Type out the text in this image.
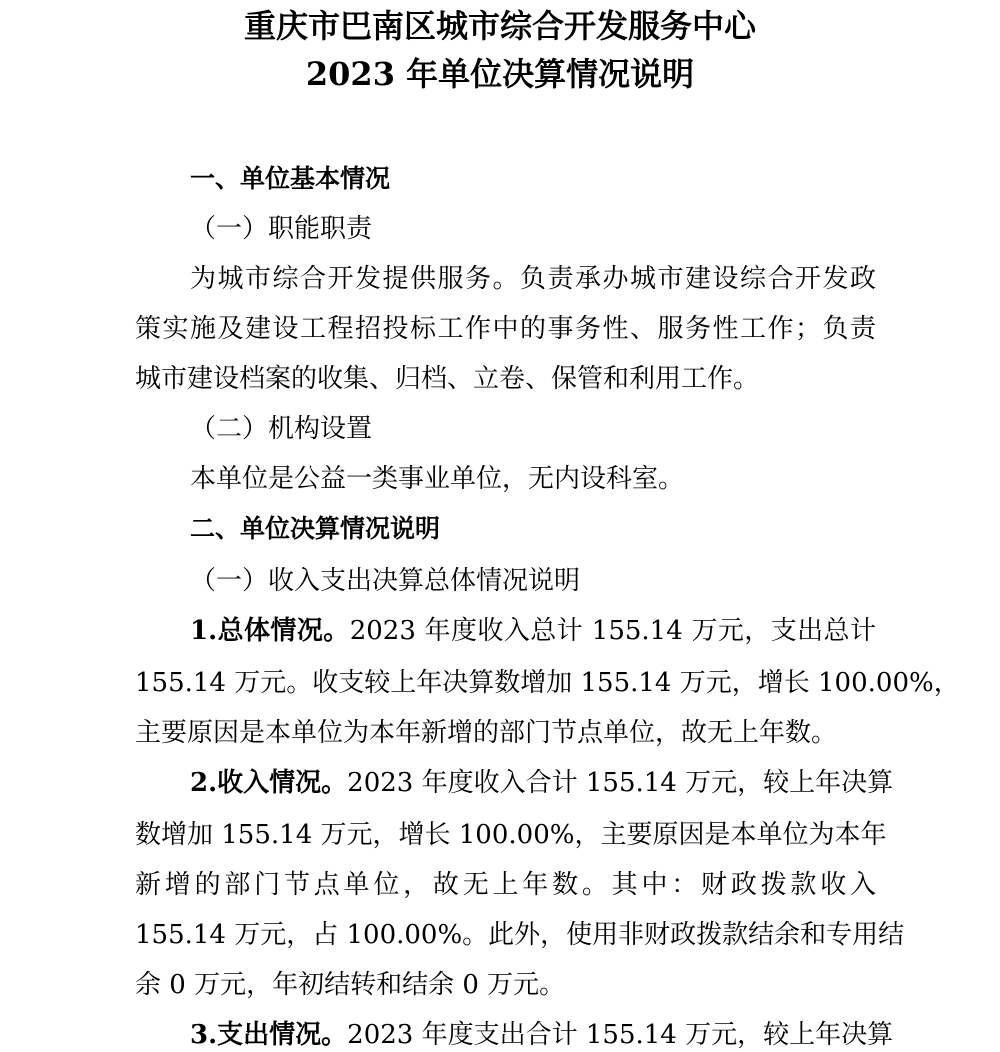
重庆市巴南区城市综合开发服务中心
2023 年单位决算情况说明
一、单位基本情况
（一）职能职责
为城市综合开发提供服务。负责承办城市建设综合开发政
策实施及建设工程招投标工作中的事务性、服务性工作；负责
城市建设档案的收集、归档、立卷、保管和利用工作。
（二）机构设置
本单位是公益一类事业单位，无内设科室。
二、单位决算情况说明
（一）收入支出决算总体情况说明
1.总体情况。2023 年度收入总计 155.14 万元，支出总计
155.14 万元。收支较上年决算数增加 155.14 万元，增长 100.00%，
主要原因是本单位为本年新增的部门节点单位，故无上年数。
2.收入情况。2023 年度收入合计 155.14 万元，较上年决算
数增加 155.14 万元，增长 100.00%，主要原因是本单位为本年
新增的部门节点单位，故无上年数。其中：财政拨款收入
155.14 万元，占 100.00%。此外，使用非财政拨款结余和专用结
余 0 万元，年初结转和结余 0 万元。
3.支出情况。2023 年度支出合计 155.14 万元，较上年决算
